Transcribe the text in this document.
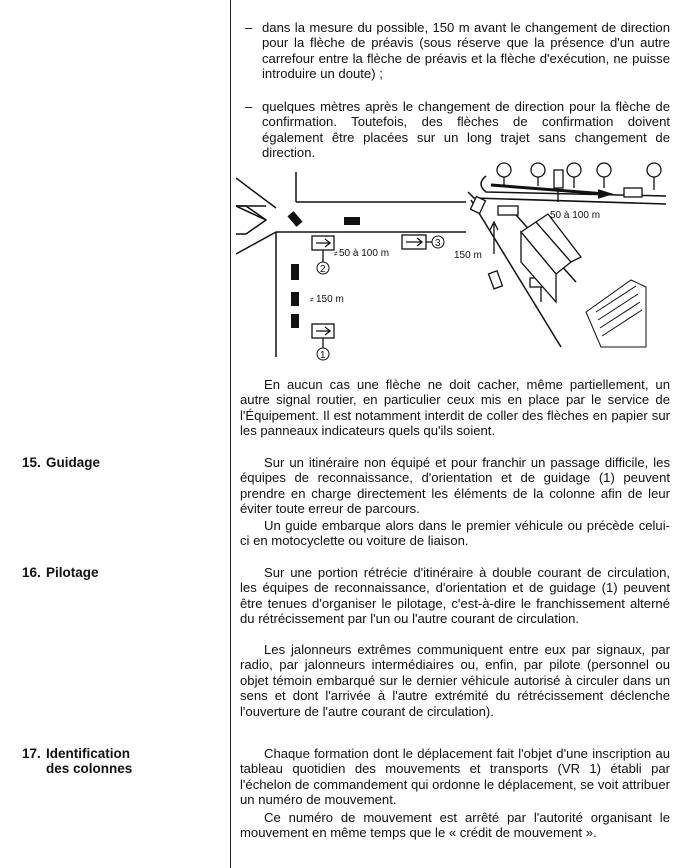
– dans la mesure du possible, 150 m avant le changement de direction pour la flèche de préavis (sous réserve que la présence d'un autre carrefour entre la flèche de préavis et la flèche d'exécution, ne puisse introduire un doute) ;

– quelques mètres après le changement de direction pour la flèche de confirmation. Toutefois, des flèches de confirmation doivent également être placées sur un long trajet sans changement de direction.

2
1
3
50 à 100 m
150 m
≠
≠
50 à 100 m
150 m

En aucun cas une flèche ne doit cacher, même partiellement, un autre signal routier, en particulier ceux mis en place par le service de l'Équipement. Il est notamment interdit de coller des flèches en papier sur les panneaux indicateurs quels qu'ils soient.

15. Guidage	Sur un itinéraire non équipé et pour franchir un passage difficile, les équipes de reconnaissance, d'orientation et de guidage (1) peuvent prendre en charge directement les éléments de la colonne afin de leur éviter toute erreur de parcours.

Un guide embarque alors dans le premier véhicule ou précède celui-ci en motocyclette ou voiture de liaison.

16. Pilotage	Sur une portion rétrécie d'itinéraire à double courant de circulation, les équipes de reconnaissance, d'orientation et de guidage (1) peuvent être tenues d'organiser le pilotage, c'est-à-dire le franchissement alterné du rétrécissement par l'un ou l'autre courant de circulation.

Les jalonneurs extrêmes communiquent entre eux par signaux, par radio, par jalonneurs intermédiaires ou, enfin, par pilote (personnel ou objet témoin embarqué sur le dernier véhicule autorisé à circuler dans un sens et dont l'arrivée à l'autre extrémité du rétrécissement déclenche l'ouverture de l'autre courant de circulation).

17. Identification
des colonnes

Chaque formation dont le déplacement fait l'objet d'une inscription au tableau quotidien des mouvements et transports (VR 1) établi par l'échelon de commandement qui ordonne le déplacement, se voit attribuer un numéro de mouvement.

Ce numéro de mouvement est arrêté par l'autorité organisant le mouvement en même temps que le « crédit de mouvement ».
